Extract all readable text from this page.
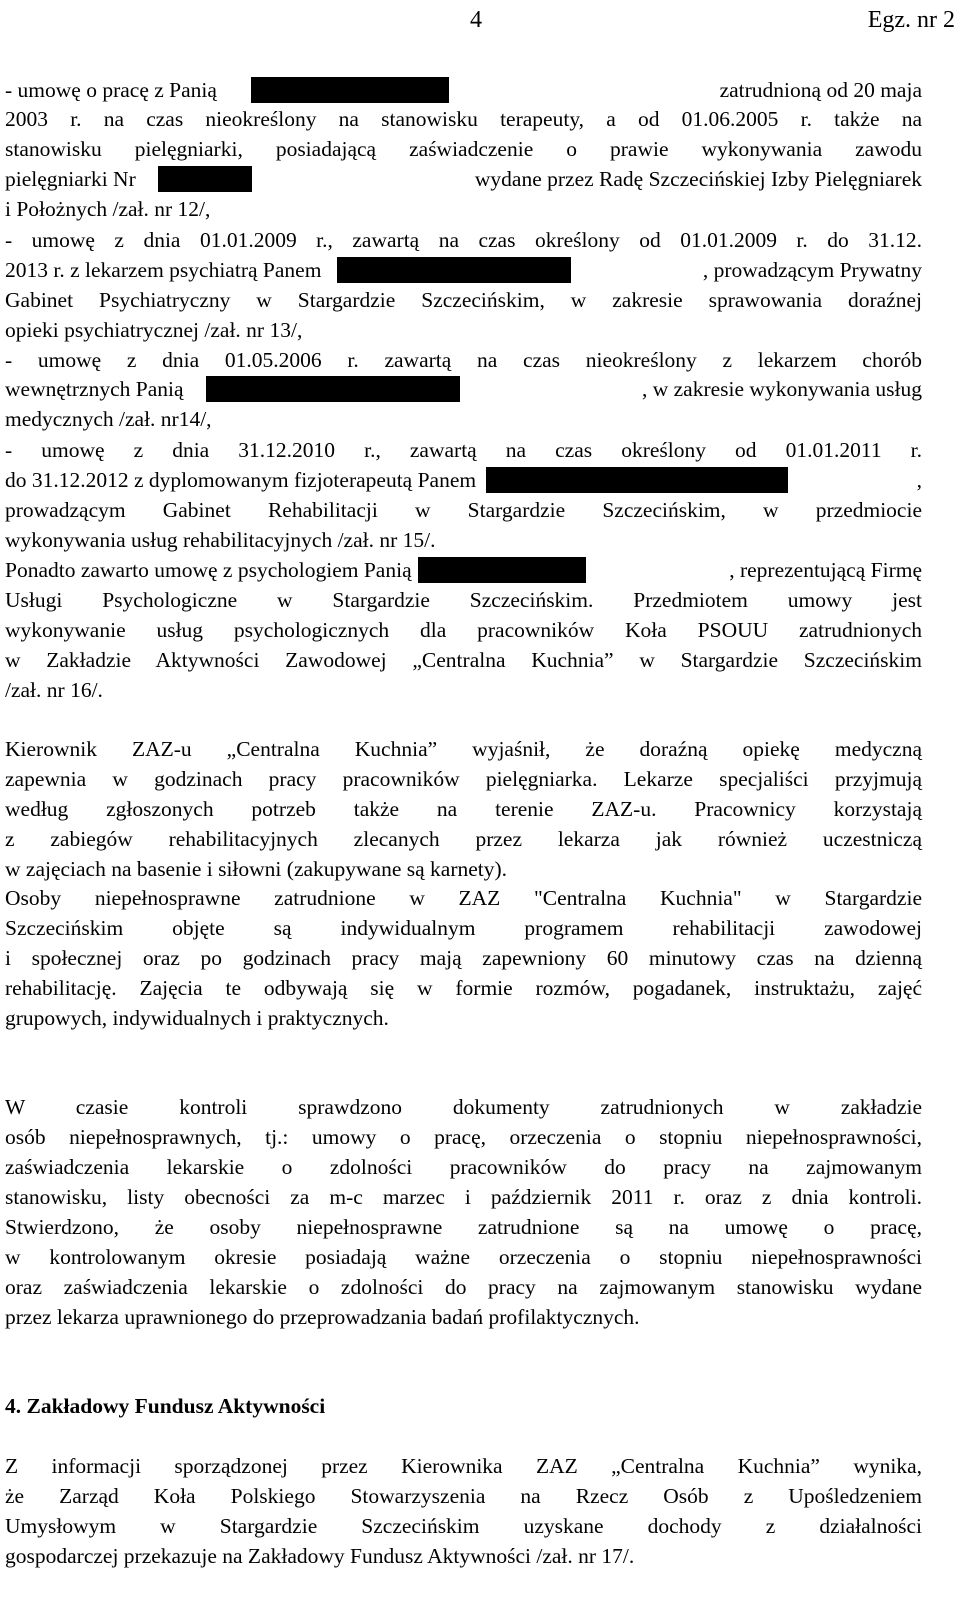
4	Egz. nr 2
- umowę o pracę z Panią	zatrudnioną od 20 maja
2003 r. na czas nieokreślony na stanowisku terapeuty, a od 01.06.2005 r. także na
stanowisku pielęgniarki, posiadającą zaświadczenie o prawie wykonywania zawodu
pielęgniarki Nr	wydane przez Radę Szczecińskiej Izby Pielęgniarek
i Położnych /zał. nr 12/,
- umowę z dnia 01.01.2009 r., zawartą na czas określony od 01.01.2009 r. do 31.12.
2013 r. z lekarzem psychiatrą Panem	, prowadzącym Prywatny
Gabinet Psychiatryczny w Stargardzie Szczecińskim, w zakresie sprawowania doraźnej
opieki psychiatrycznej /zał. nr 13/,
- umowę z dnia 01.05.2006 r. zawartą na czas nieokreślony z lekarzem chorób
wewnętrznych Panią	, w zakresie wykonywania usług
medycznych /zał. nr14/,
- umowę z dnia 31.12.2010 r., zawartą na czas określony od 01.01.2011 r.
do 31.12.2012 z dyplomowanym fizjoterapeutą Panem	,
prowadzącym Gabinet Rehabilitacji w Stargardzie Szczecińskim, w przedmiocie
wykonywania usług rehabilitacyjnych /zał. nr 15/.
Ponadto zawarto umowę z psychologiem Panią	, reprezentującą Firmę
Usługi Psychologiczne w Stargardzie Szczecińskim. Przedmiotem umowy jest
wykonywanie usług psychologicznych dla pracowników Koła PSOUU zatrudnionych
w Zakładzie Aktywności Zawodowej „Centralna Kuchnia” w Stargardzie Szczecińskim
/zał. nr 16/.
Kierownik ZAZ-u „Centralna Kuchnia” wyjaśnił, że doraźną opiekę medyczną
zapewnia w godzinach pracy pracowników pielęgniarka. Lekarze specjaliści przyjmują
według zgłoszonych potrzeb także na terenie ZAZ-u. Pracownicy korzystają
z zabiegów rehabilitacyjnych zlecanych przez lekarza jak również uczestniczą
w zajęciach na basenie i siłowni (zakupywane są karnety).
Osoby niepełnosprawne zatrudnione w ZAZ "Centralna Kuchnia" w Stargardzie
Szczecińskim objęte są indywidualnym programem rehabilitacji zawodowej
i społecznej oraz po godzinach pracy mają zapewniony 60 minutowy czas na dzienną
rehabilitację. Zajęcia te odbywają się w formie rozmów, pogadanek, instruktażu, zajęć
grupowych, indywidualnych i praktycznych.
W czasie kontroli sprawdzono dokumenty zatrudnionych w zakładzie
osób niepełnosprawnych, tj.: umowy o pracę, orzeczenia o stopniu niepełnosprawności,
zaświadczenia lekarskie o zdolności pracowników do pracy na zajmowanym
stanowisku, listy obecności za m-c marzec i październik 2011 r. oraz z dnia kontroli.
Stwierdzono, że osoby niepełnosprawne zatrudnione są na umowę o pracę,
w kontrolowanym okresie posiadają ważne orzeczenia o stopniu niepełnosprawności
oraz zaświadczenia lekarskie o zdolności do pracy na zajmowanym stanowisku wydane
przez lekarza uprawnionego do przeprowadzania badań profilaktycznych.
4. Zakładowy Fundusz Aktywności
Z informacji sporządzonej przez Kierownika ZAZ „Centralna Kuchnia” wynika,
że Zarząd Koła Polskiego Stowarzyszenia na Rzecz Osób z Upośledzeniem
Umysłowym w Stargardzie Szczecińskim uzyskane dochody z działalności
gospodarczej przekazuje na Zakładowy Fundusz Aktywności /zał. nr 17/.
